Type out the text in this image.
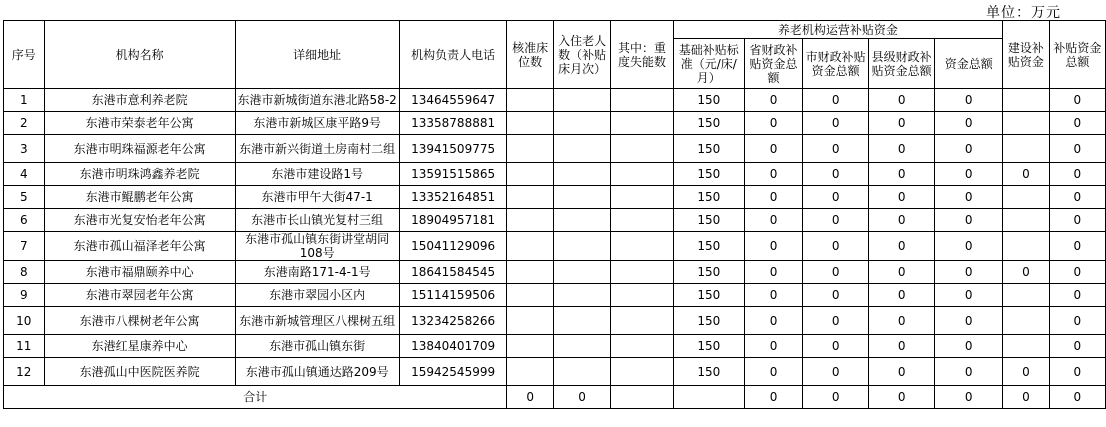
单位：万元
序号	机构名称	详细地址	机构负责人电话	核准床位数	入住老人数（补贴床月次）	其中：重度失能数	养老机构运营补贴资金					建设补贴资金	补贴资金总额
							基础补贴标准（元/床/月）	省财政补贴资金总额	市财政补贴资金总额	县级财政补贴资金总额	资金总额		
1	东港市意利养老院	东港市新城街道东港北路58-2	13464559647				150	0	0	0	0		0
2	东港市荣泰老年公寓	东港市新城区康平路9号	13358788881				150	0	0	0	0		0
3	东港市明珠福源老年公寓	东港市新兴街道土房南村二组	13941509775				150	0	0	0	0		0
4	东港市明珠鸿鑫养老院	东港市建设路1号	13591515865				150	0	0	0	0	0	0
5	东港市鲲鹏老年公寓	东港市甲午大街47-1	13352164851				150	0	0	0	0		0
6	东港市光复安怡老年公寓	东港市长山镇光复村三组	18904957181				150	0	0	0	0		0
7	东港市孤山福泽老年公寓	东港市孤山镇东街讲堂胡同108号	15041129096				150	0	0	0	0		0
8	东港市福鼎颐养中心	东港南路171-4-1号	18641584545				150	0	0	0	0	0	0
9	东港市翠园老年公寓	东港市翠园小区内	15114159506				150	0	0	0	0		0
10	东港市八棵树老年公寓	东港市新城管理区八棵树五组	13234258266				150	0	0	0	0		0
11	东港红星康养中心	东港市孤山镇东街	13840401709				150	0	0	0	0		0
12	东港孤山中医院医养院	东港市孤山镇通达路209号	15942545999				150	0	0	0	0	0	0
合计				0	0			0	0	0	0	0	0
